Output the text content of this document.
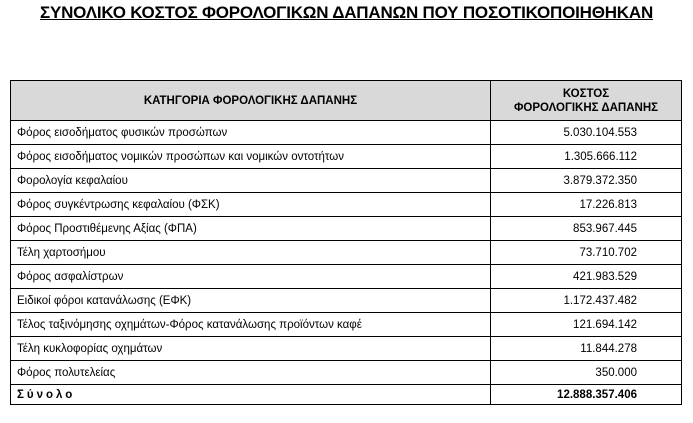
ΣΥΝΟΛΙΚΟ ΚΟΣΤΟΣ ΦΟΡΟΛΟΓΙΚΩΝ ΔΑΠΑΝΩΝ ΠΟΥ ΠΟΣΟΤΙΚΟΠΟΙΗΘΗΚΑΝ
ΚΑΤΗΓΟΡΙΑ ΦΟΡΟΛΟΓΙΚΗΣ ΔΑΠΑΝΗΣ	ΚΟΣΤΟΣ
ΦΟΡΟΛΟΓΙΚΗΣ ΔΑΠΑΝΗΣ
Φόρος εισοδήματος φυσικών προσώπων	5.030.104.553
Φόρος εισοδήματος νομικών προσώπων και νομικών οντοτήτων	1.305.666.112
Φορολογία κεφαλαίου	3.879.372.350
Φόρος συγκέντρωσης κεφαλαίου (ΦΣΚ)	17.226.813
Φόρος Προστιθέμενης Αξίας (ΦΠΑ)	853.967.445
Τέλη χαρτοσήμου	73.710.702
Φόρος ασφαλίστρων	421.983.529
Ειδικοί φόροι κατανάλωσης (ΕΦΚ)	1.172.437.482
Τέλος ταξινόμησης οχημάτων-Φόρος κατανάλωσης προϊόντων καφέ	121.694.142
Τέλη κυκλοφορίας οχημάτων	11.844.278
Φόρος πολυτελείας	350.000
Σύνολο	12.888.357.406
